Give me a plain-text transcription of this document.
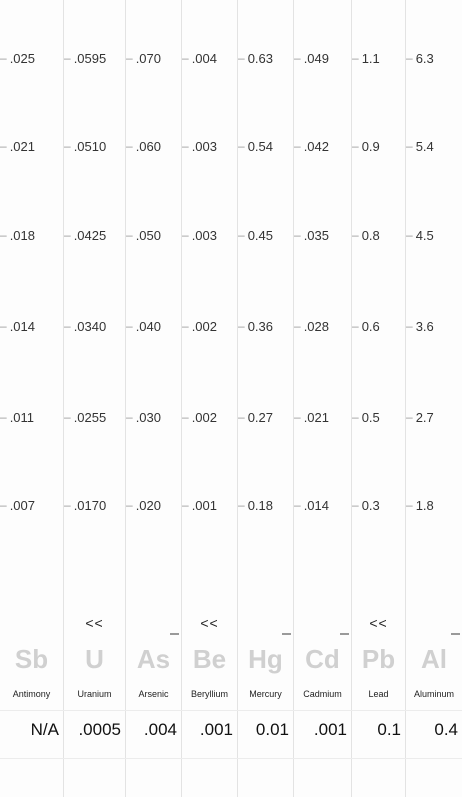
– .025
– .021
– .018
– .014
– .011
– .007
Sb
Antimony
N/A
– .0595
– .0510
– .0425
– .0340
– .0255
– .0170
<<
U
Uranium
.0005
– .070
– .060
– .050
– .040
– .030
– .020
As
Arsenic
.004
– .004
– .003
– .003
– .002
– .002
– .001
<<
Be
Beryllium
.001
– 0.63
– 0.54
– 0.45
– 0.36
– 0.27
– 0.18
Hg
Mercury
0.01
– .049
– .042
– .035
– .028
– .021
– .014
Cd
Cadmium
.001
– 1.1
– 0.9
– 0.8
– 0.6
– 0.5
– 0.3
<<
Pb
Lead
0.1
– 6.3
– 5.4
– 4.5
– 3.6
– 2.7
– 1.8
Al
Aluminum
0.4
